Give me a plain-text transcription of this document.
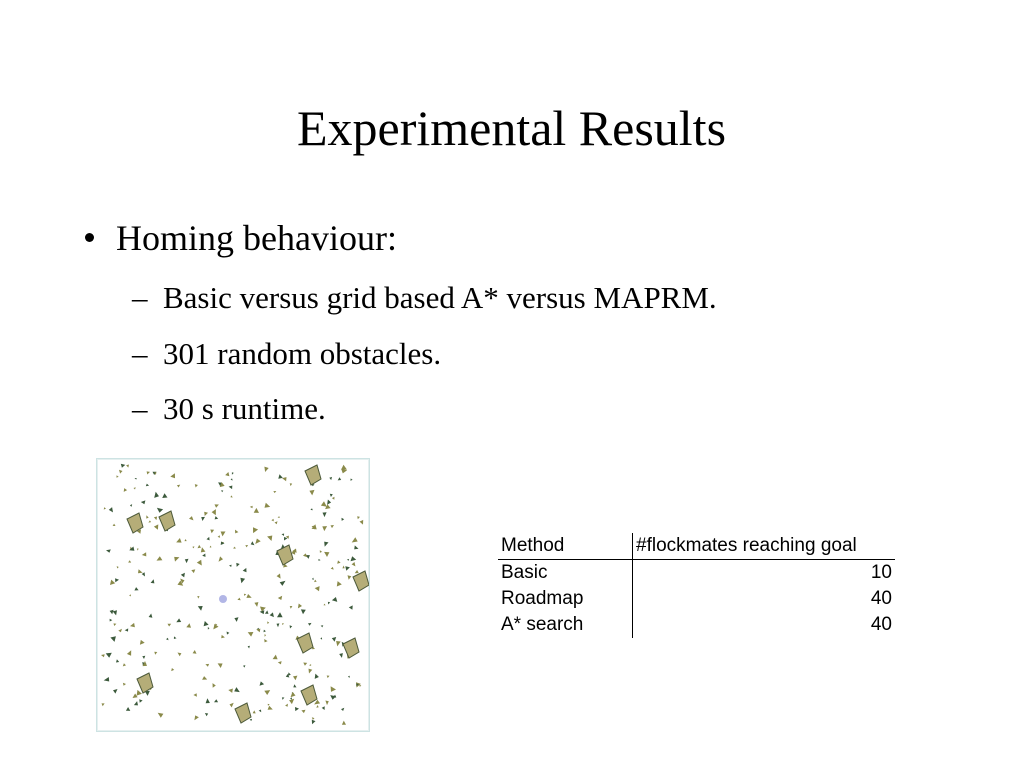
Experimental Results
Homing behaviour:
– Basic versus grid based A* versus MAPRM.
– 301 random obstacles.
– 30 s runtime.
Method	#flockmates reaching goal
Basic	10
Roadmap	40
A* search	40
